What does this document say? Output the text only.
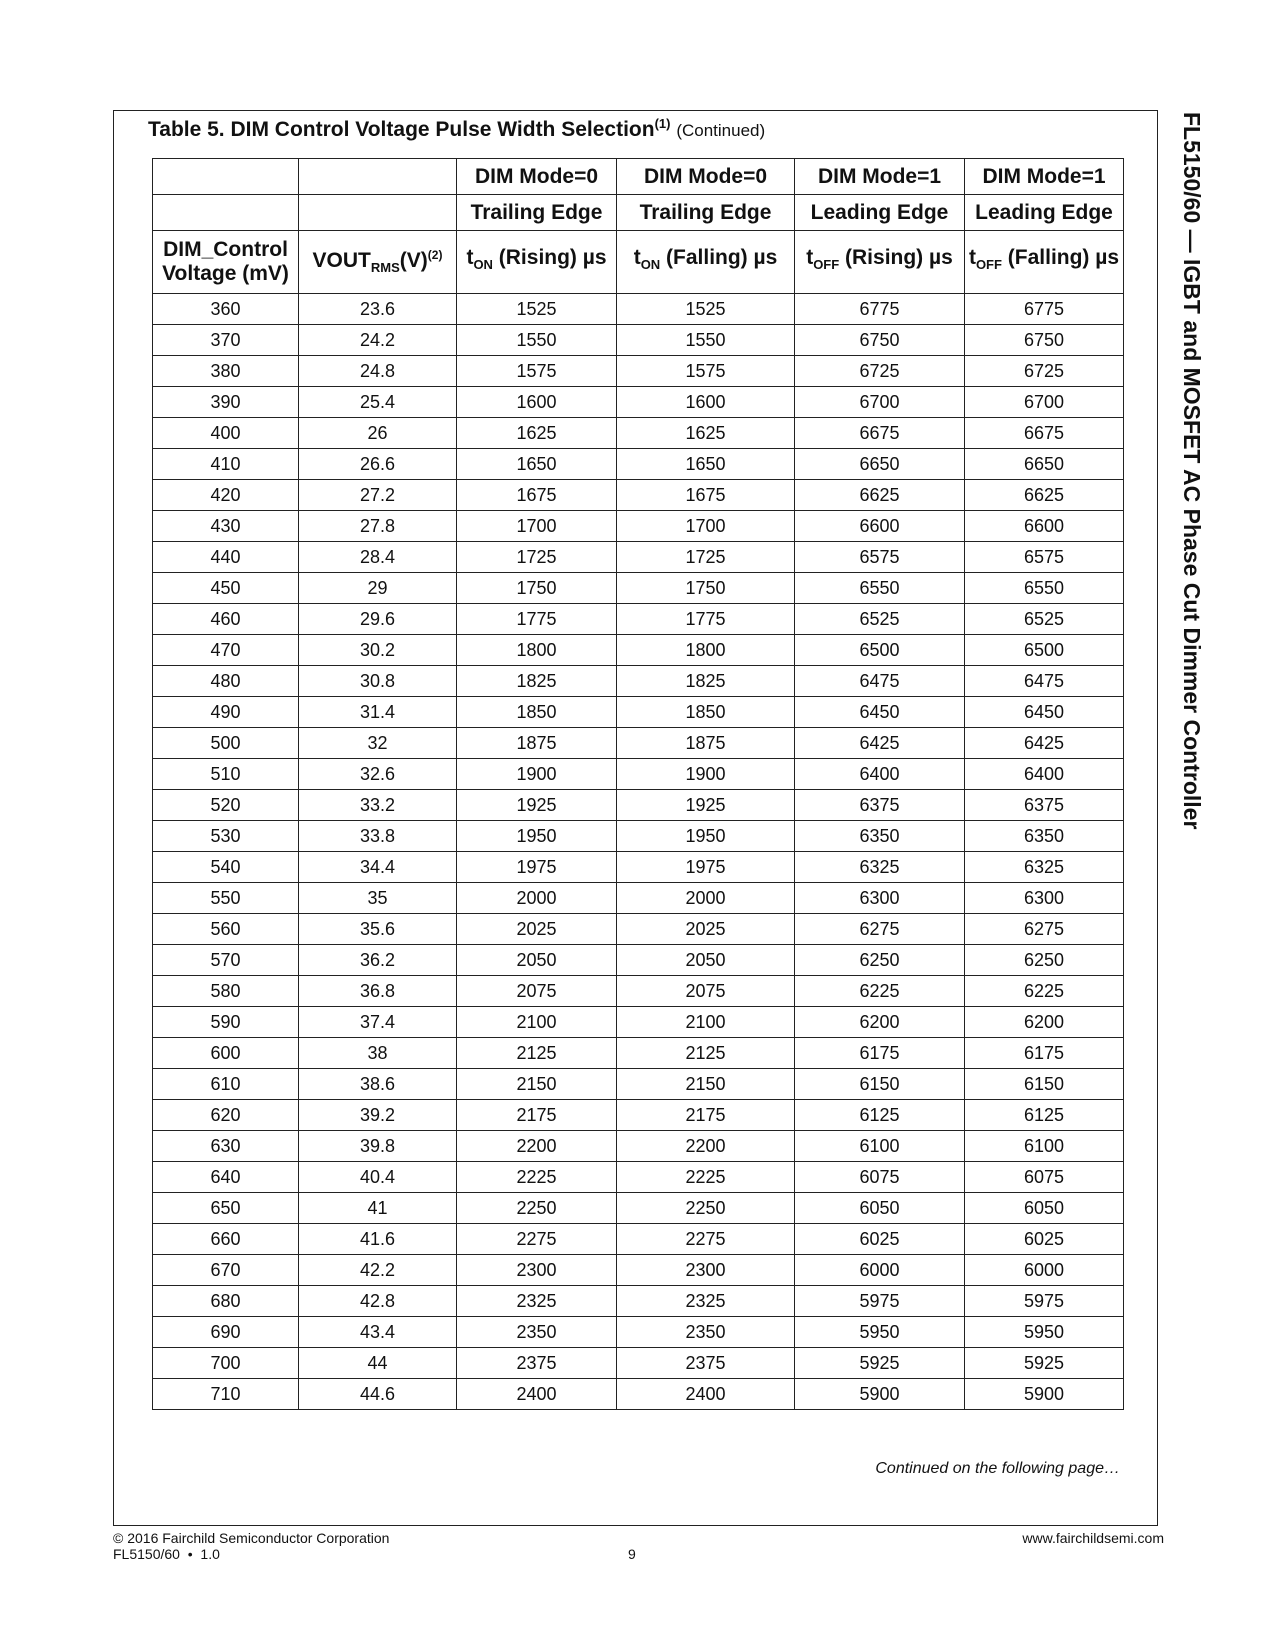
Table 5. DIM Control Voltage Pulse Width Selection$^{(1)}$ (Continued)	FL5150/60 — IGBT and MOSFET AC Phase Cut Dimmer Controller
		DIM Mode=0	DIM Mode=0	DIM Mode=1	DIM Mode=1
		Trailing Edge	Trailing Edge	Leading Edge	Leading Edge
DIM_Control
Voltage (mV)	$VOUT_{RMS}(V)^{(2)}$	$t_{ON}$ (Rising) µs	$t_{ON}$ (Falling) µs	$t_{OFF}$ (Rising) µs	$t_{OFF}$ (Falling) µs
360	23.6	1525	1525	6775	6775
370	24.2	1550	1550	6750	6750
380	24.8	1575	1575	6725	6725
390	25.4	1600	1600	6700	6700
400	26	1625	1625	6675	6675
410	26.6	1650	1650	6650	6650
420	27.2	1675	1675	6625	6625
430	27.8	1700	1700	6600	6600
440	28.4	1725	1725	6575	6575
450	29	1750	1750	6550	6550
460	29.6	1775	1775	6525	6525
470	30.2	1800	1800	6500	6500
480	30.8	1825	1825	6475	6475
490	31.4	1850	1850	6450	6450
500	32	1875	1875	6425	6425
510	32.6	1900	1900	6400	6400
520	33.2	1925	1925	6375	6375
530	33.8	1950	1950	6350	6350
540	34.4	1975	1975	6325	6325
550	35	2000	2000	6300	6300
560	35.6	2025	2025	6275	6275
570	36.2	2050	2050	6250	6250
580	36.8	2075	2075	6225	6225
590	37.4	2100	2100	6200	6200
600	38	2125	2125	6175	6175
610	38.6	2150	2150	6150	6150
620	39.2	2175	2175	6125	6125
630	39.8	2200	2200	6100	6100
640	40.4	2225	2225	6075	6075
650	41	2250	2250	6050	6050
660	41.6	2275	2275	6025	6025
670	42.2	2300	2300	6000	6000
680	42.8	2325	2325	5975	5975
690	43.4	2350	2350	5950	5950
700	44	2375	2375	5925	5925
710	44.6	2400	2400	5900	5900
Continued on the following page…
© 2016 Fairchild Semiconductor Corporation
FL5150/60  •  1.0	9
www.fairchildsemi.com
